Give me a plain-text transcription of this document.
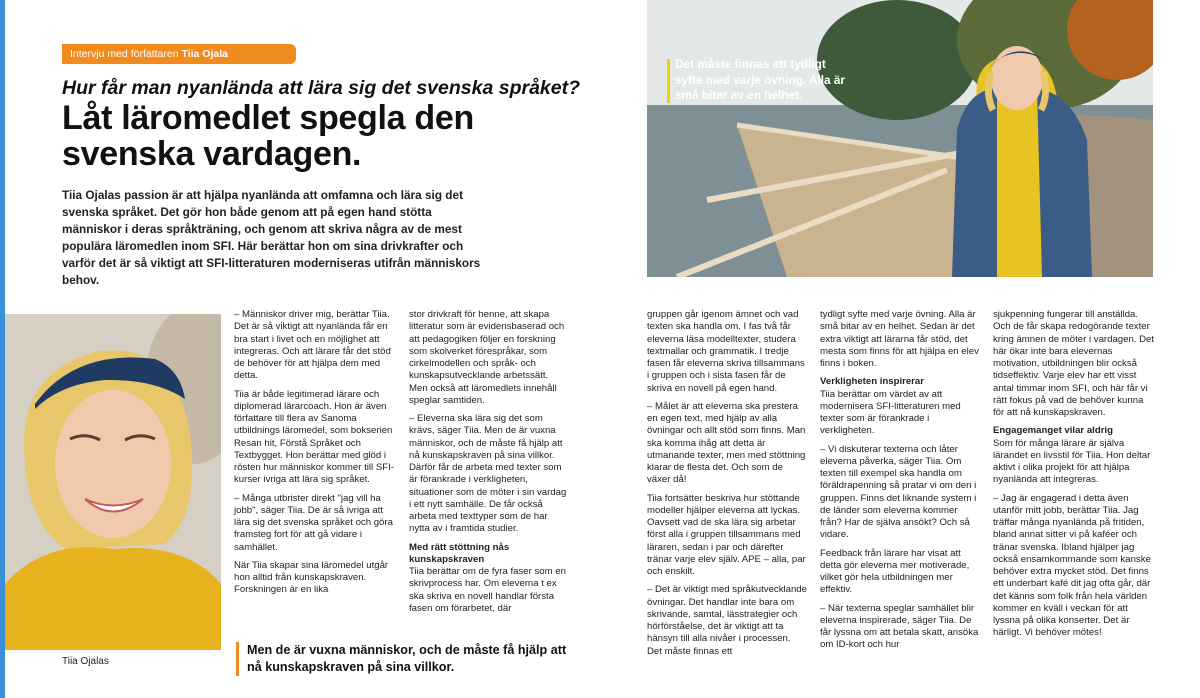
Intervju med författaren Tiia Ojala
Hur får man nyanlända att lära sig det svenska språket?
Låt läromedlet spegla den svenska vardagen.
Tiia Ojalas passion är att hjälpa nyanlända att omfamna och lära sig det svenska språket. Det gör hon både genom att på egen hand stötta människor i deras språkträning, och genom att skriva några av de mest populära läromedlen inom SFI. Här berättar hon om sina drivkrafter och varför det är så viktigt att SFI-litteraturen moderniseras utifrån människors behov.
Tiia Ojalas

– Människor driver mig, berättar Tiia. Det är så viktigt att nyanlända får en bra start i livet och en möjlighet att integreras. Och att lärare får det stöd de behöver för att hjälpa dem med detta.

Tiia är både legitimerad lärare och diplomerad lärarcoach. Hon är även författare till flera av Sanoma utbildnings läromedel, som bokserien Resan hit, Förstå Språket och Textbygget. Hon berättar med glöd i rösten hur människor kommer till SFI-kurser ivriga att lära sig språket.

– Många utbrister direkt "jag vill ha jobb", säger Tiia. De är så ivriga att lära sig det svenska språket och göra framsteg fort för att gå vidare i samhället.

När Tiia skapar sina läromedel utgår hon alltid från kunskapskraven. Forskningen är en lika

stor drivkraft för henne, att skapa litteratur som är evidensbaserad och att pedagogiken följer en forskning som skolverket förespråkar, som cirkelmodellen och språk- och kunskapsutvecklande arbetssätt. Men också att läromedlets innehåll speglar samtiden.

– Eleverna ska lära sig det som krävs, säger Tiia. Men de är vuxna människor, och de måste få hjälp att nå kunskapskraven på sina villkor. Därför får de arbeta med texter som är förankrade i verkligheten, situationer som de möter i sin vardag i ett nytt samhälle. De får också arbeta med texttyper som de har nytta av i framtida studier.

Med rätt stöttning nås kunskapskraven

Tiia berättar om de fyra faser som en skrivprocess har. Om eleverna t ex ska skriva en novell handlar första fasen om förarbetet, där

Men de är vuxna människor, och de måste få hjälp att nå kunskapskraven på sina villkor.

gruppen går igenom ämnet och vad texten ska handla om. I fas två får eleverna läsa modelltexter, studera textmallar och grammatik. I tredje fasen får eleverna skriva tillsammans i gruppen och i sista fasen får de skriva en novell på egen hand.

– Målet är att eleverna ska prestera en egen text, med hjälp av alla övningar och allt stöd som finns. Man ska komma ihåg att detta är utmanande texter, men med stöttning klarar de flesta det. Och som de växer då!

Tiia fortsätter beskriva hur stöttande modeller hjälper eleverna att lyckas. Oavsett vad de ska lära sig arbetar först alla i gruppen tillsammans med läraren, sedan i par och därefter tränar varje elev själv. APE – alla, par och enskilt.

– Det är viktigt med språkutvecklande övningar. Det handlar inte bara om skrivande, samtal, lässtrategier och hörförståelse, det är viktigt att ta hänsyn till alla nivåer i processen. Det måste finnas ett

tydligt syfte med varje övning. Alla är små bitar av en helhet. Sedan är det extra viktigt att lärarna får stöd, det mesta som finns för att hjälpa en elev finns i boken.

Verkligheten inspirerar

Tiia berättar om värdet av att modernisera SFI-litteraturen med texter som är förankrade i verkligheten.

– Vi diskuterar texterna och låter eleverna påverka, säger Tiia. Om texten till exempel ska handla om föräldrapenning så pratar vi om den i gruppen. Finns det liknande system i de länder som eleverna kommer från? Har de själva ansökt? Och så vidare.

Feedback från lärare har visat att detta gör eleverna mer motiverade, vilket gör hela utbildningen mer effektiv.

– När texterna speglar samhället blir eleverna inspirerade, säger Tiia. De får lyssna om att betala skatt, ansöka om ID-kort och hur

sjukpenning fungerar till anställda. Och de får skapa redogörande texter kring ämnen de möter i vardagen. Det här ökar inte bara elevernas motivation, utbildningen blir också tidseffektiv. Varje elev har ett visst antal timmar inom SFI, och här får vi rätt fokus på vad de behöver kunna för att nå kunskapskraven.

Engagemanget vilar aldrig

Som för många lärare är själva lärandet en livsstil för Tiia. Hon deltar aktivt i olika projekt för att hjälpa nyanlända att integreras.

– Jag är engagerad i detta även utanför mitt jobb, berättar Tiia. Jag träffar många nyanlända på fritiden, bland annat sitter vi på kaféer och tränar svenska. Ibland hjälper jag också ensamkommande som kanske behöver extra mycket stöd. Det finns ett underbart kafé dit jag ofta går, där det känns som folk från hela världen kommer en kväll i veckan för att lyssna på olika konserter. Det är härligt. Vi behöver mötes!

Det måste finnas ett tydligt syfte med varje övning. Alla är små bitar av en helhet.
